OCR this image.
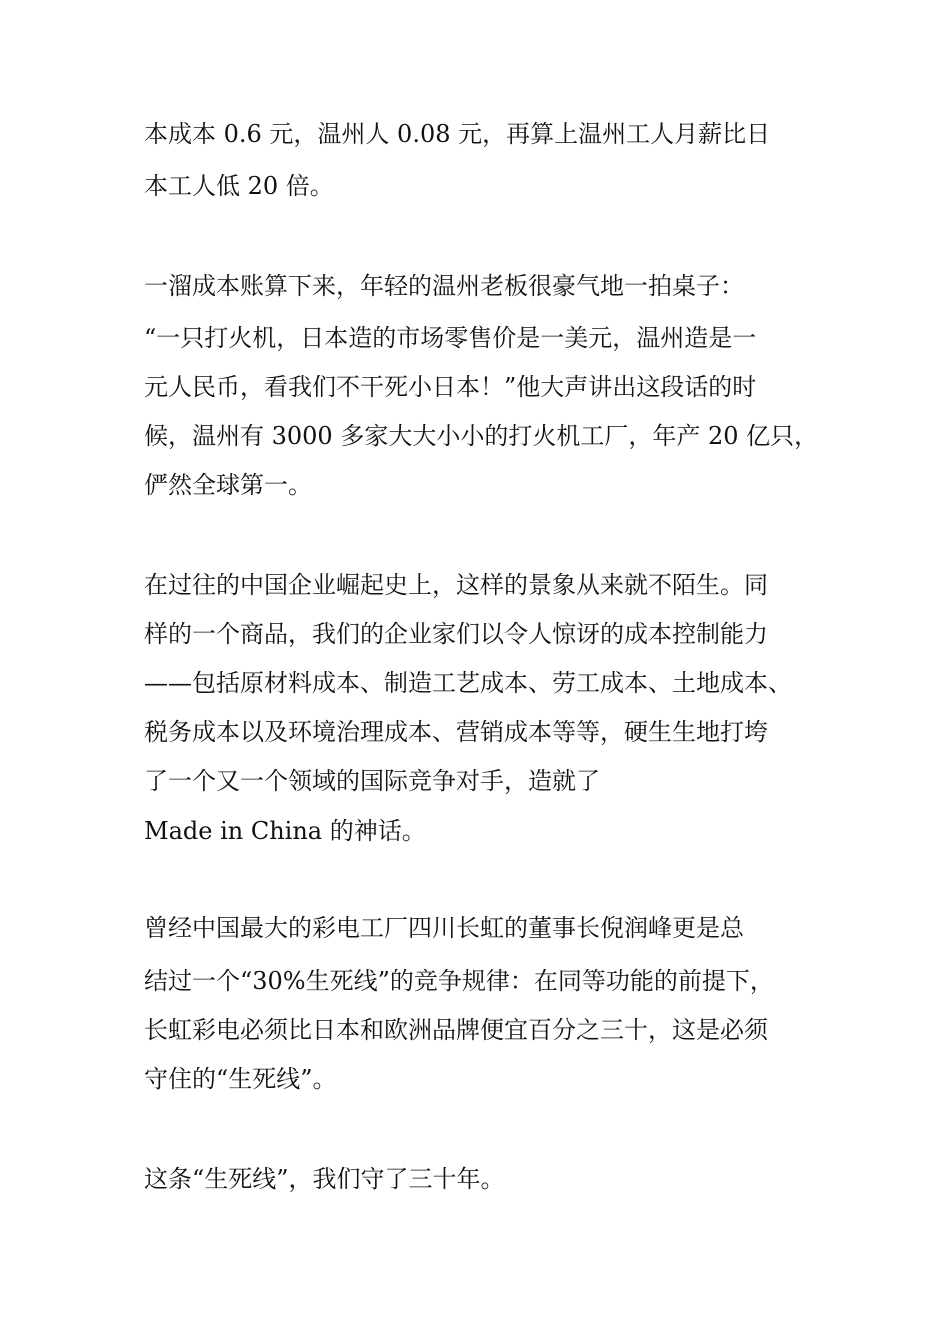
本成本 0.6 元，温州人 0.08 元，再算上温州工人月薪比日
本工人低 20 倍。
一溜成本账算下来，年轻的温州老板很豪气地一拍桌子：
“一只打火机，日本造的市场零售价是一美元，温州造是一
元人民币，看我们不干死小日本！”他大声讲出这段话的时
候，温州有 3000 多家大大小小的打火机工厂，年产 20 亿只，
俨然全球第一。
在过往的中国企业崛起史上，这样的景象从来就不陌生。同
样的一个商品，我们的企业家们以令人惊讶的成本控制能力
——包括原材料成本、制造工艺成本、劳工成本、土地成本、
税务成本以及环境治理成本、营销成本等等，硬生生地打垮
了一个又一个领域的国际竞争对手，造就了
Made in China 的神话。
曾经中国最大的彩电工厂四川长虹的董事长倪润峰更是总
结过一个“30%生死线”的竞争规律：在同等功能的前提下，
长虹彩电必须比日本和欧洲品牌便宜百分之三十，这是必须
守住的“生死线”。
这条“生死线”，我们守了三十年。
